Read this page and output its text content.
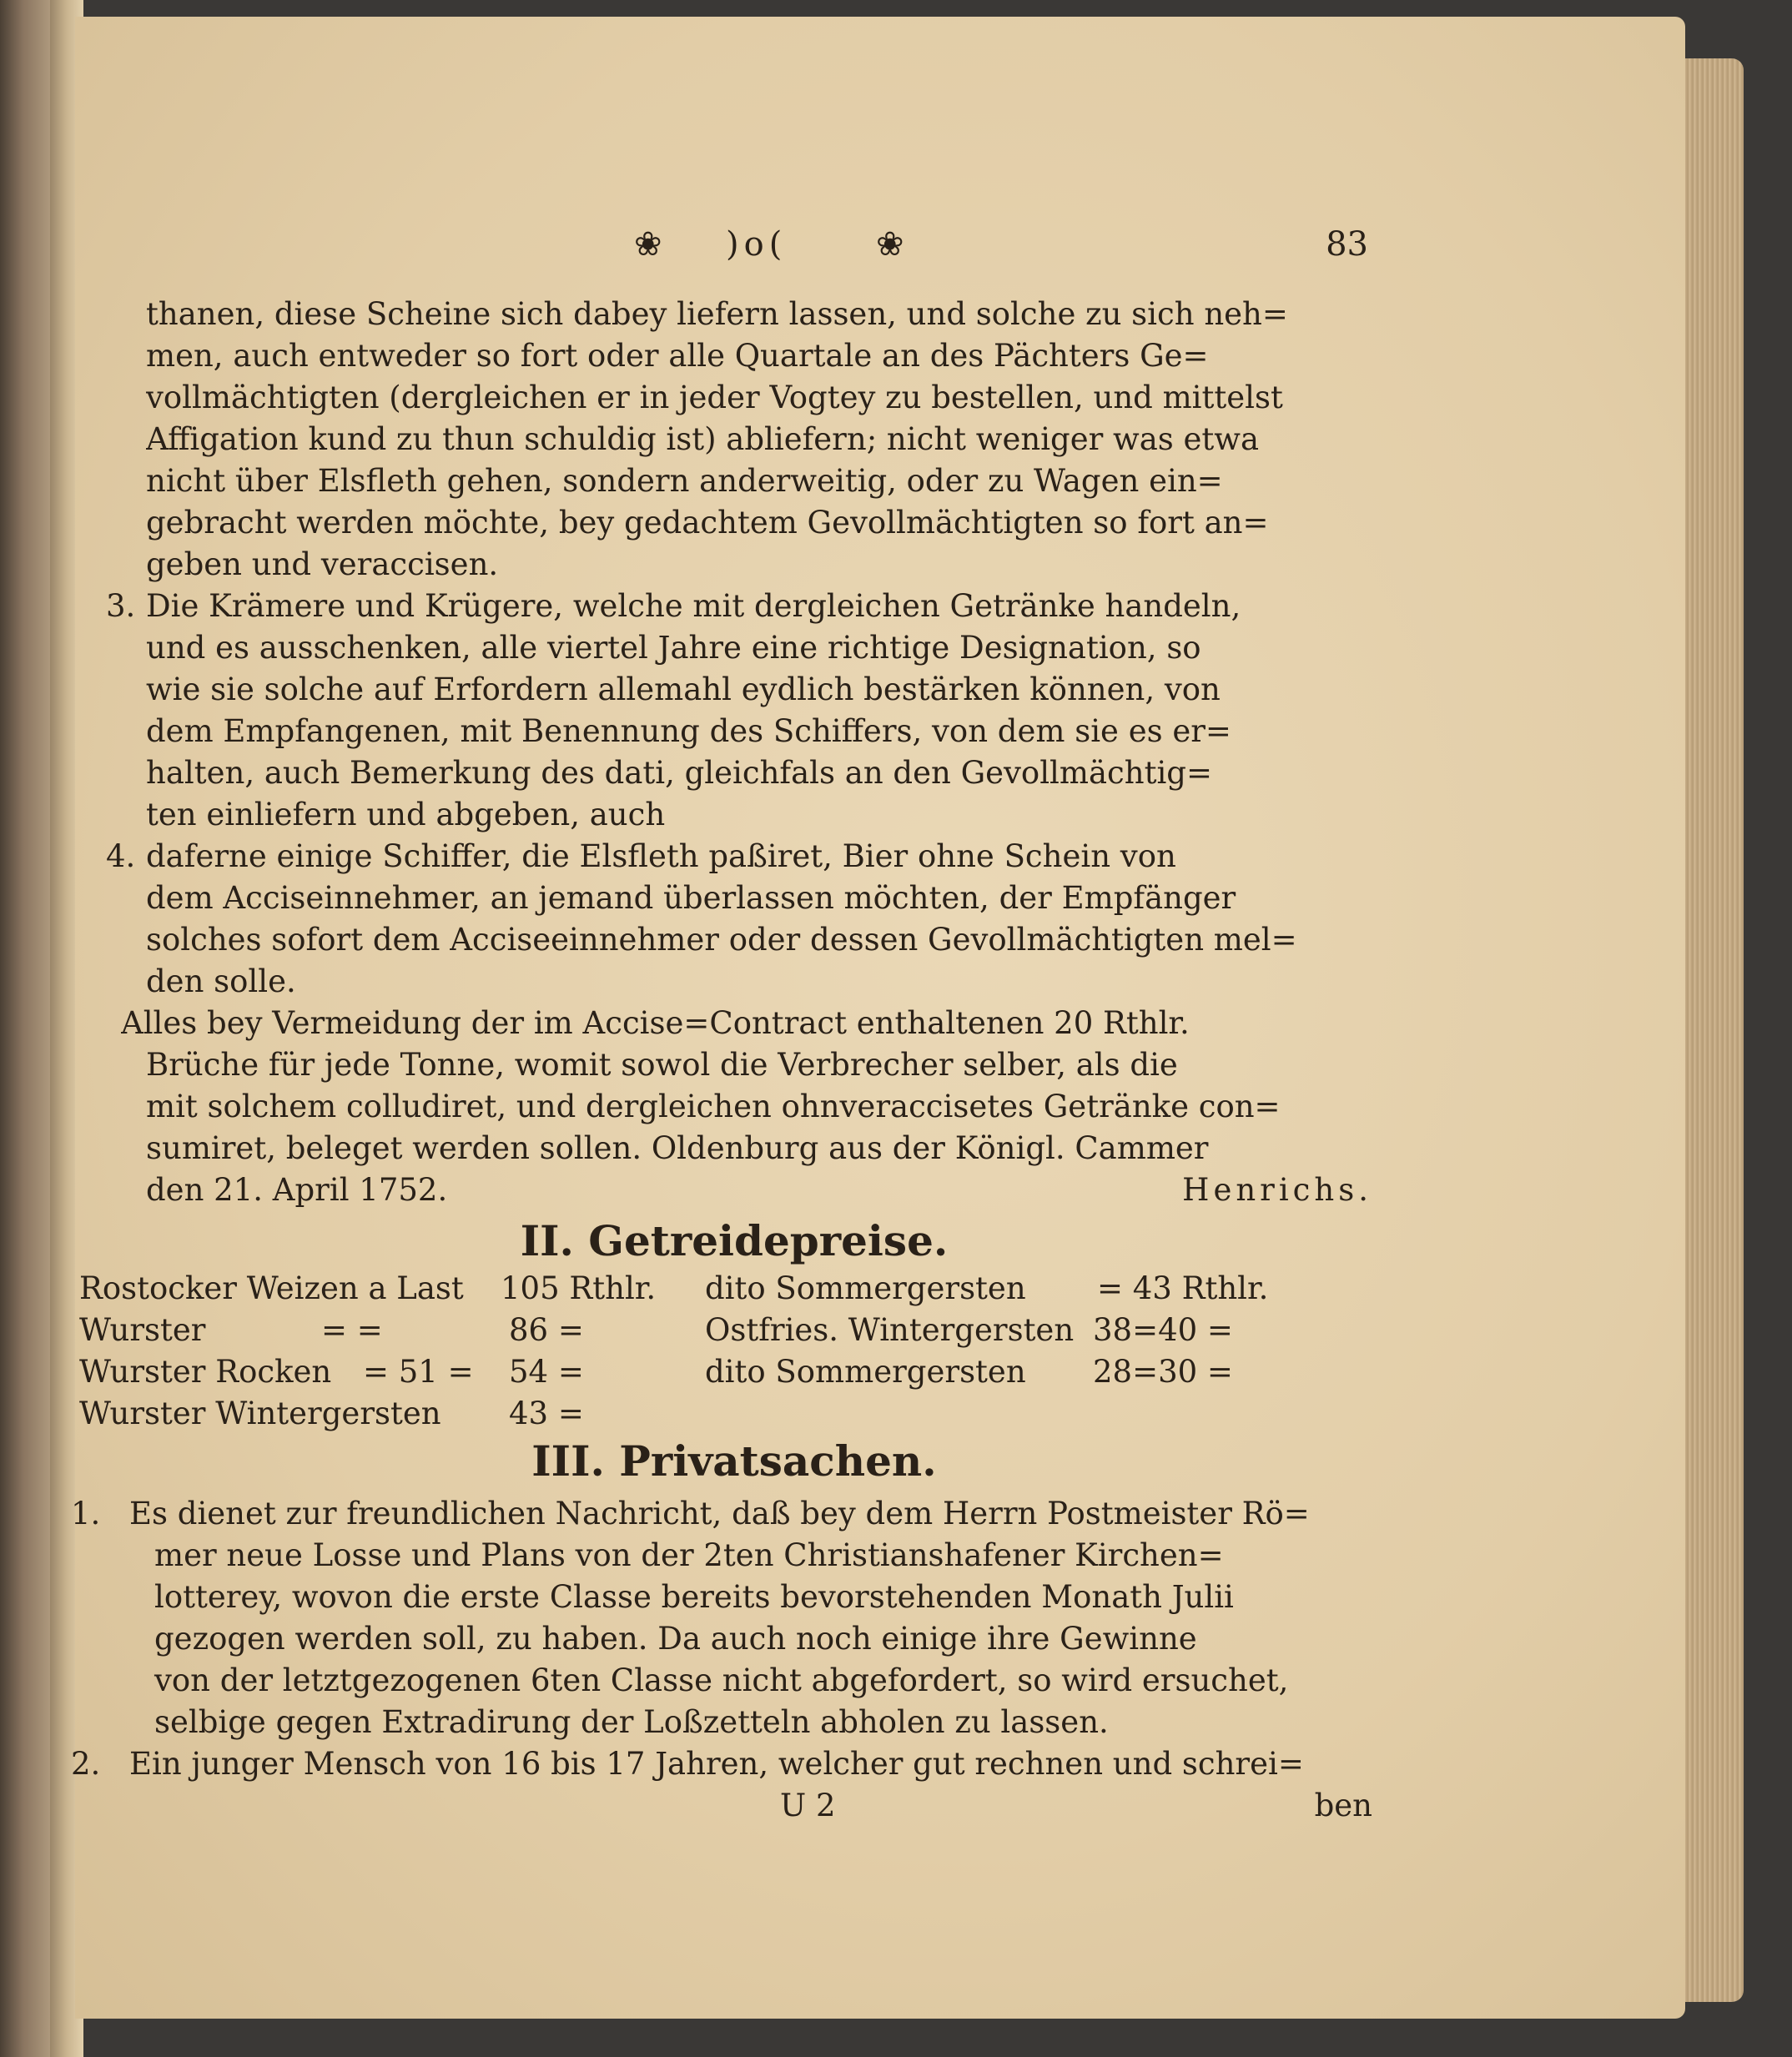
❀ )o(	❀	83
thanen, diese Scheine sich dabey liefern lassen, und solche zu sich neh=
men, auch entweder so fort oder alle Quartale an des Pächters Ge=
vollmächtigten (dergleichen er in jeder Vogtey zu bestellen, und mittelst
Affigation kund zu thun schuldig ist) abliefern; nicht weniger was etwa
nicht über Elsfleth gehen, sondern anderweitig, oder zu Wagen ein=
gebracht werden möchte, bey gedachtem Gevollmächtigten so fort an=
geben und veraccisen.
3. Die Krämere und Krügere, welche mit dergleichen Getränke handeln,
und es ausschenken, alle viertel Jahre eine richtige Designation, so
wie sie solche auf Erfordern allemahl eydlich bestärken können, von
dem Empfangenen, mit Benennung des Schiffers, von dem sie es er=
halten, auch Bemerkung des dati, gleichfals an den Gevollmächtig=
ten einliefern und abgeben, auch
4. daferne einige Schiffer, die Elsfleth paßiret, Bier ohne Schein von
dem Acciseinnehmer, an jemand überlassen möchten, der Empfänger
solches sofort dem Acciseeinnehmer oder dessen Gevollmächtigten mel=
den solle.
Alles bey Vermeidung der im Accise=Contract enthaltenen 20 Rthlr.
Brüche für jede Tonne, womit sowol die Verbrecher selber, als die
mit solchem colludiret, und dergleichen ohnveraccisetes Getränke con=
sumiret, beleget werden sollen. Oldenburg aus der Königl. Cammer
den 21. April 1752.	Henrichs.
II. Getreidepreise.
Rostocker Weizen a Last 105 Rthlr. dito Sommergersten = 43 Rthlr.
Wurster	= =	86 =	Ostfries. Wintergersten 38=40 =
Wurster Rocken = 51 = 54 =	dito Sommergersten 28=30 =
Wurster Wintergersten 43 =
III. Privatsachen.
1. Es dienet zur freundlichen Nachricht, daß bey dem Herrn Postmeister Rö=
mer neue Losse und Plans von der 2ten Christianshafener Kirchen=
lotterey, wovon die erste Classe bereits bevorstehenden Monath Julii
gezogen werden soll, zu haben. Da auch noch einige ihre Gewinne
von der letztgezogenen 6ten Classe nicht abgefordert, so wird ersuchet,
selbige gegen Extradirung der Loßzetteln abholen zu lassen.
2. Ein junger Mensch von 16 bis 17 Jahren, welcher gut rechnen und schrei=
U 2	ben
